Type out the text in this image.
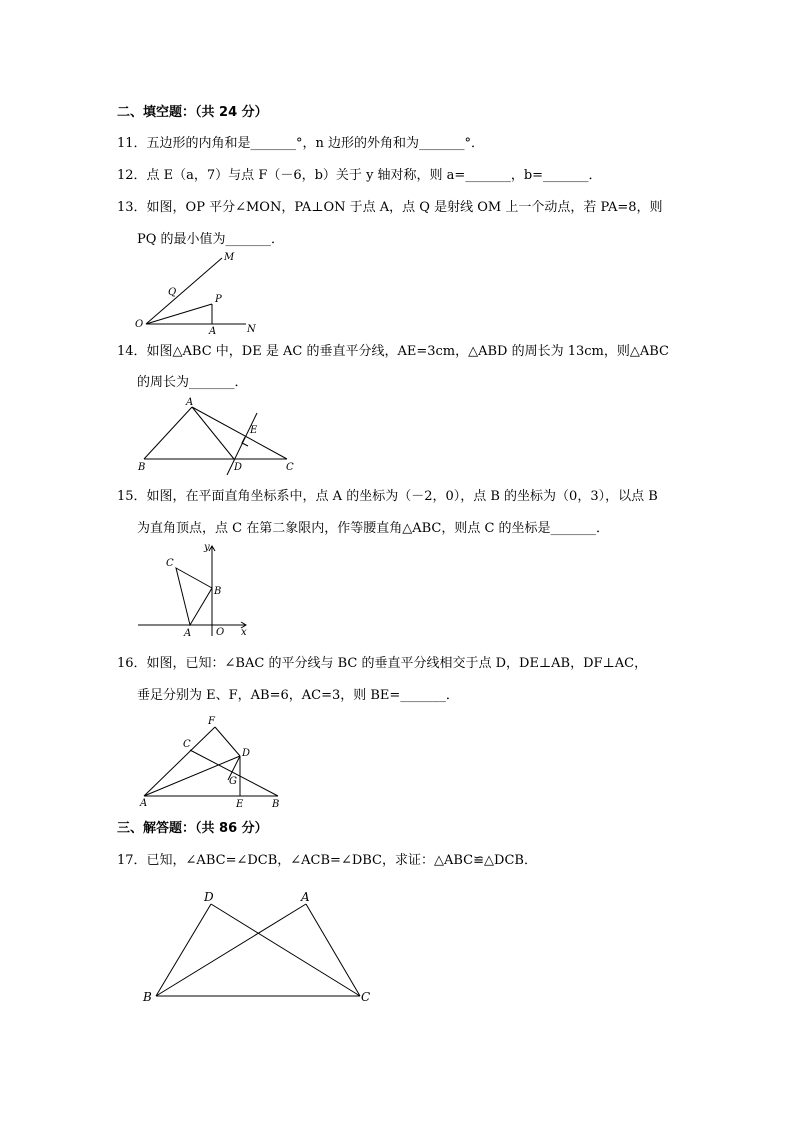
二、填空题：（共 24 分）
11．五边形的内角和是_______°，n 边形的外角和为_______°．
12．点 E（a，7）与点 F（－6，b）关于 y 轴对称，则 a=_______，b=_______．
13．如图，OP 平分∠MON，PA⊥ON 于点 A，点 Q 是射线 OM 上一个动点，若 PA=8，则
PQ 的最小值为_______．
O
Q
M
P
A	N
14．如图△ABC 中，DE 是 AC 的垂直平分线，AE=3cm，△ABD 的周长为 13cm，则△ABC
的周长为_______．
A
B	C
D
E
15．如图，在平面直角坐标系中，点 A 的坐标为（－2，0），点 B 的坐标为（0，3），以点 B
为直角顶点，点 C 在第二象限内，作等腰直角△ABC，则点 C 的坐标是_______．
y
x
O
A
B
C
16．如图，已知：∠BAC 的平分线与 BC 的垂直平分线相交于点 D，DE⊥AB，DF⊥AC，
垂足分别为 E、F，AB=6，AC=3，则 BE=_______．
F
C
D
G
A	E	B
三、解答题：（共 86 分）
17．已知，∠ABC=∠DCB，∠ACB=∠DBC，求证：△ABC≌△DCB．
D	A
B	C
